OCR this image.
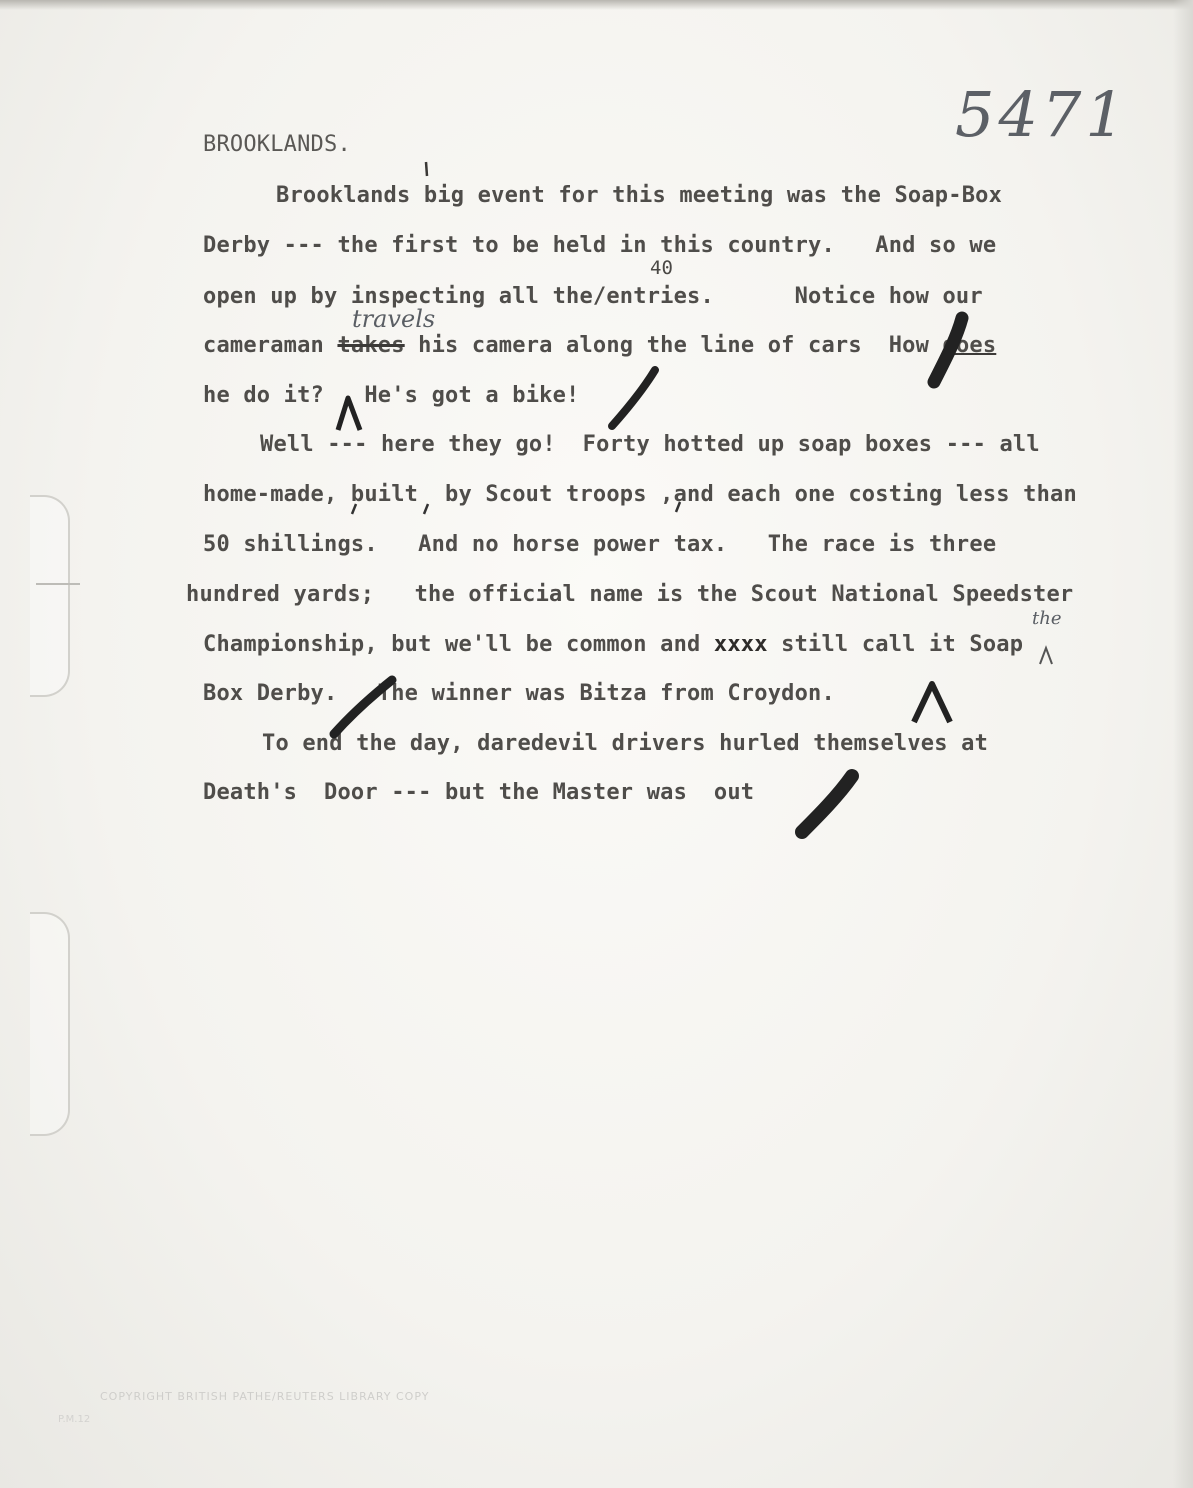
5471

BROOKLANDS.

Brooklands big event for this meeting was the Soap-Box

Derby --- the first to be held in this country.   And so we

open up by inspecting all the/entries.      Notice how our

40
travels

cameraman takes his camera along the line of cars  How does

he do it?   He's got a bike!

Well --- here they go!  Forty hotted up soap boxes --- all

home-made, built  by Scout troops ,and each one costing less than

50 shillings.   And no horse power tax.   The race is three

hundred yards;   the official name is the Scout National Speedster

the

Championship, but we'll be common and xxxx still call it Soap

Box Derby.   The winner was Bitza from Croydon.

To end the day, daredevil drivers hurled themselves at

Death's  Door --- but the Master was  out

COPYRIGHT BRITISH PATHE/REUTERS LIBRARY COPY
P.M.12
